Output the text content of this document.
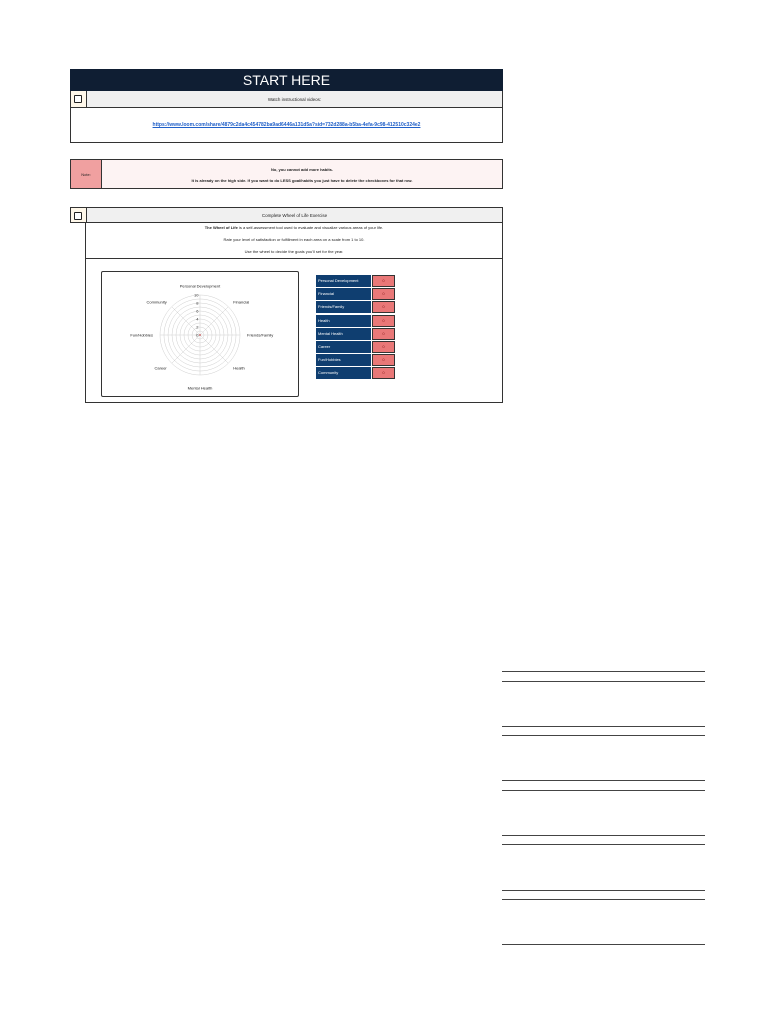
START HERE
Watch instructional videos:
https://www.loom.com/share/4879c2da4c454782ba9ad6446a131d5a?sid=732d288a-b5ba-4efa-9c98-412510c324e2
Note:
No, you cannot add more habits.
It is already on the high side. If you want to do LESS goal/habits you just have to delete the checkboxes for that row.
Complete Wheel of Life Exercise
The Wheel of Life is a self-assessment tool used to evaluate and visualize various areas of your life.
Rate your level of satisfaction or fulfillment in each area on a scale from 1 to 10.
Use the wheel to decide the goals you'll set for the year.
0
2
4
6
8
10
Personal Development
Financial
Friends/Family
Health
Mental Health
Career
Fun/Hobbies
Community
Personal Development	0
Financial	0
Friends/Family	0
Health	0
Mental Health	0
Career	0
Fun/Hobbies	0
Community	0
